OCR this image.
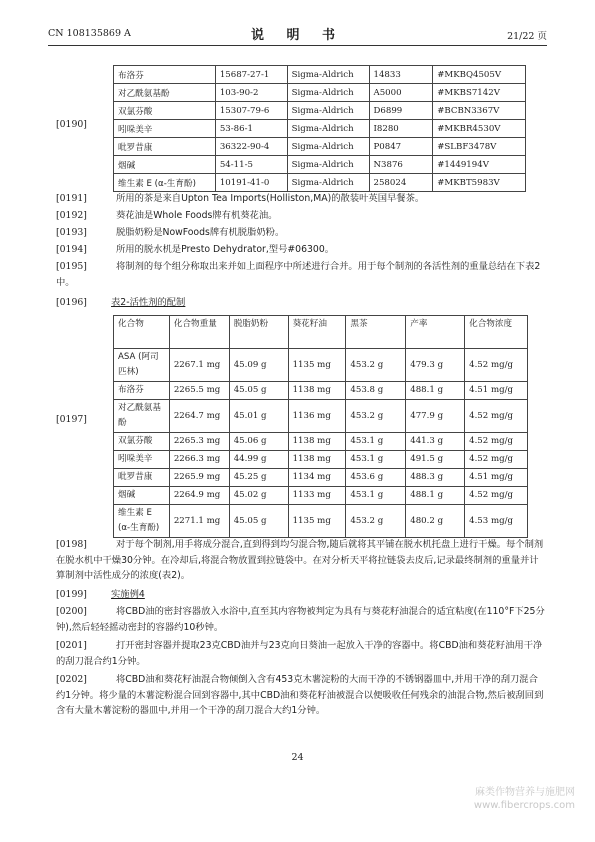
CN 108135869 A	说 明 书	21/22 页
[0190]
布洛芬	15687-27-1	Sigma-Aldrich	14833	#MKBQ4505V
对乙酰氨基酚	103-90-2	Sigma-Aldrich	A5000	#MKBS7142V
双氯芬酸	15307-79-6	Sigma-Aldrich	D6899	#BCBN3367V
吲哚美辛	53-86-1	Sigma-Aldrich	I8280	#MKBR4530V
吡罗昔康	36322-90-4	Sigma-Aldrich	P0847	#SLBF3478V
烟碱	54-11-5	Sigma-Aldrich	N3876	#1449194V
维生素 E (α-生育酚)	10191-41-0	Sigma-Aldrich	258024	#MKBT5983V
[0191]	所用的茶是来自Upton Tea Imports(Holliston,MA)的散装叶英国早餐茶。
[0192]	葵花油是Whole Foods牌有机葵花油。
[0193]	脱脂奶粉是NowFoods牌有机脱脂奶粉。
[0194]	所用的脱水机是Presto Dehydrator,型号#06300。
[0195]	将制剂的每个组分称取出来并如上面程序中所述进行合并。用于每个制剂的各活性剂的重量总结在下表2中。
[0196]	表2-活性剂的配制
[0197]
化合物	化合物重量	脱脂奶粉	葵花籽油	黑茶	产率	化合物浓度
ASA (阿司匹林)	2267.1 mg	45.09 g	1135 mg	453.2 g	479.3 g	4.52 mg/g
布洛芬	2265.5 mg	45.05 g	1138 mg	453.8 g	488.1 g	4.51 mg/g
对乙酰氨基酚	2264.7 mg	45.01 g	1136 mg	453.2 g	477.9 g	4.52 mg/g
双氯芬酸	2265.3 mg	45.06 g	1138 mg	453.1 g	441.3 g	4.52 mg/g
吲哚美辛	2266.3 mg	44.99 g	1138 mg	453.1 g	491.5 g	4.52 mg/g
吡罗昔康	2265.9 mg	45.25 g	1134 mg	453.6 g	488.3 g	4.51 mg/g
烟碱	2264.9 mg	45.02 g	1133 mg	453.1 g	488.1 g	4.52 mg/g
维生素 E (α-生育酚)	2271.1 mg	45.05 g	1135 mg	453.2 g	480.2 g	4.53 mg/g
[0198]	对于每个制剂,用手将成分混合,直到得到均匀混合物,随后就将其平铺在脱水机托盘上进行干燥。每个制剂在脱水机中干燥30分钟。在冷却后,将混合物放置到拉链袋中。在对分析天平将拉链袋去皮后,记录最终制剂的重量并计算制剂中活性成分的浓度(表2)。
[0199]	实施例4
[0200]	将CBD油的密封容器放入水浴中,直至其内容物被判定为具有与葵花籽油混合的适宜粘度(在110°F下25分钟),然后轻轻摇动密封的容器约10秒钟。
[0201]	打开密封容器并提取23克CBD油并与23克向日葵油一起放入干净的容器中。将CBD油和葵花籽油用干净的刮刀混合约1分钟。
[0202]	将CBD油和葵花籽油混合物倾倒入含有453克木薯淀粉的大而干净的不锈钢器皿中,并用干净的刮刀混合约1分钟。将少量的木薯淀粉混合回到容器中,其中CBD油和葵花籽油被混合以便吸收任何残余的油混合物,然后被刮回到含有大量木薯淀粉的器皿中,并用一个干净的刮刀混合大约1分钟。
24
麻类作物营养与施肥网
www.fibercrops.com
